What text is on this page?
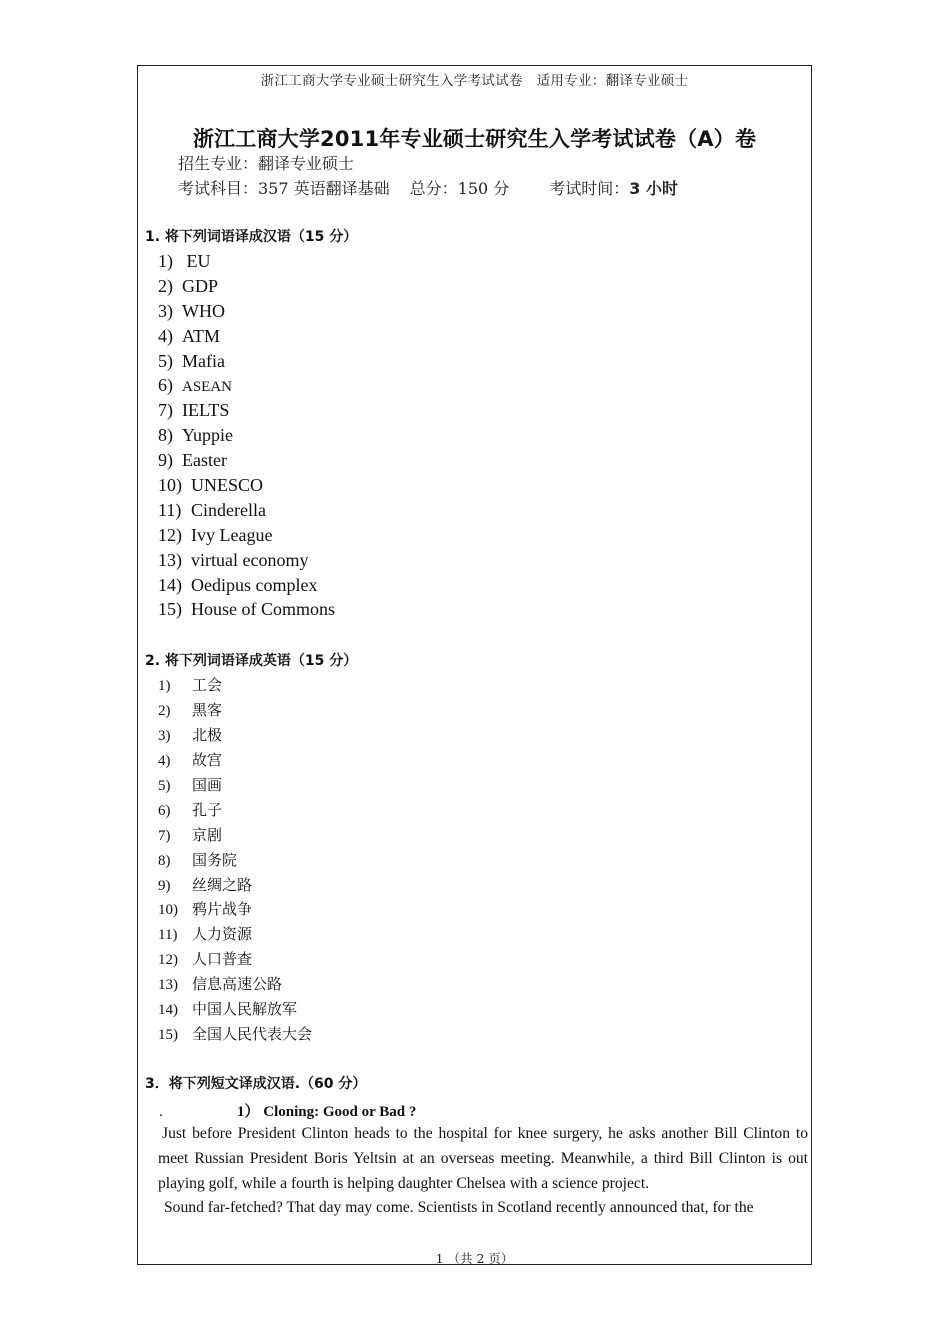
浙江工商大学专业硕士研究生入学考试试卷　适用专业：翻译专业硕士
浙江工商大学2011年专业硕士研究生入学考试试卷（A）卷
招生专业：翻译专业硕士
考试科目：357 英语翻译基础 总分：150 分	考试时间：3 小时
1. 将下列词语译成汉语（15 分）
1) EU
2) GDP
3) WHO
4) ATM
5) Mafia
6) ASEAN
7) IELTS
8) Yuppie
9) Easter
10) UNESCO
11) Cinderella
12) Ivy League
13) virtual economy
14) Oedipus complex
15) House of Commons
2. 将下列词语译成英语（15 分）
1) 工会
2) 黑客
3) 北极
4) 故宫
5) 国画
6) 孔子
7) 京剧
8) 国务院
9) 丝绸之路
10) 鸦片战争
11) 人力资源
12) 人口普查
13) 信息高速公路
14) 中国人民解放军
15) 全国人民代表大会
3．将下列短文译成汉语.（60 分）
.	1） Cloning: Good or Bad ?

Just before President Clinton heads to the hospital for knee surgery, he asks another Bill Clinton to meet Russian President Boris Yeltsin at an overseas meeting. Meanwhile, a third Bill Clinton is out playing golf, while a fourth is helping daughter Chelsea with a science project.

Sound far-fetched? That day may come. Scientists in Scotland recently announced that, for the

1 （共 2 页）
